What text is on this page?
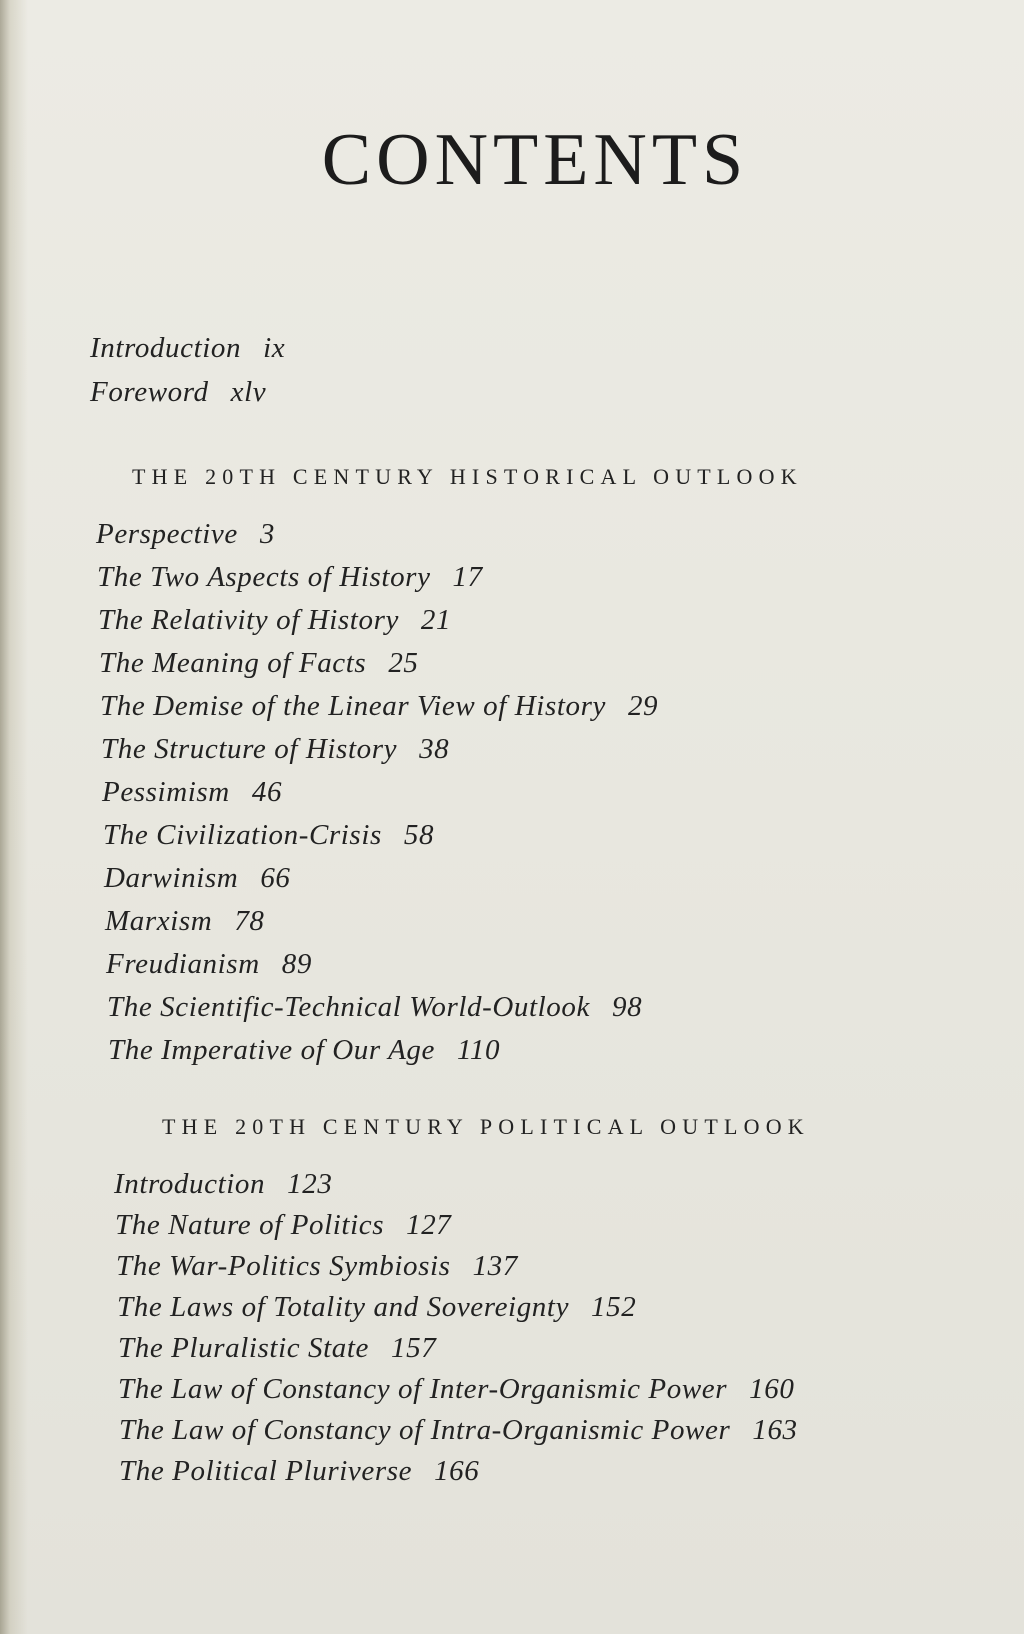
CONTENTS
Introduction ix
Foreword xlv
THE 20TH CENTURY HISTORICAL OUTLOOK
Perspective 3
The Two Aspects of History 17
The Relativity of History 21
The Meaning of Facts 25
The Demise of the Linear View of History 29
The Structure of History 38
Pessimism 46
The Civilization-Crisis 58
Darwinism 66
Marxism 78
Freudianism 89
The Scientific-Technical World-Outlook 98
The Imperative of Our Age 110
THE 20TH CENTURY POLITICAL OUTLOOK
Introduction 123
The Nature of Politics 127
The War-Politics Symbiosis 137
The Laws of Totality and Sovereignty 152
The Pluralistic State 157
The Law of Constancy of Inter-Organismic Power 160
The Law of Constancy of Intra-Organismic Power 163
The Political Pluriverse 166
